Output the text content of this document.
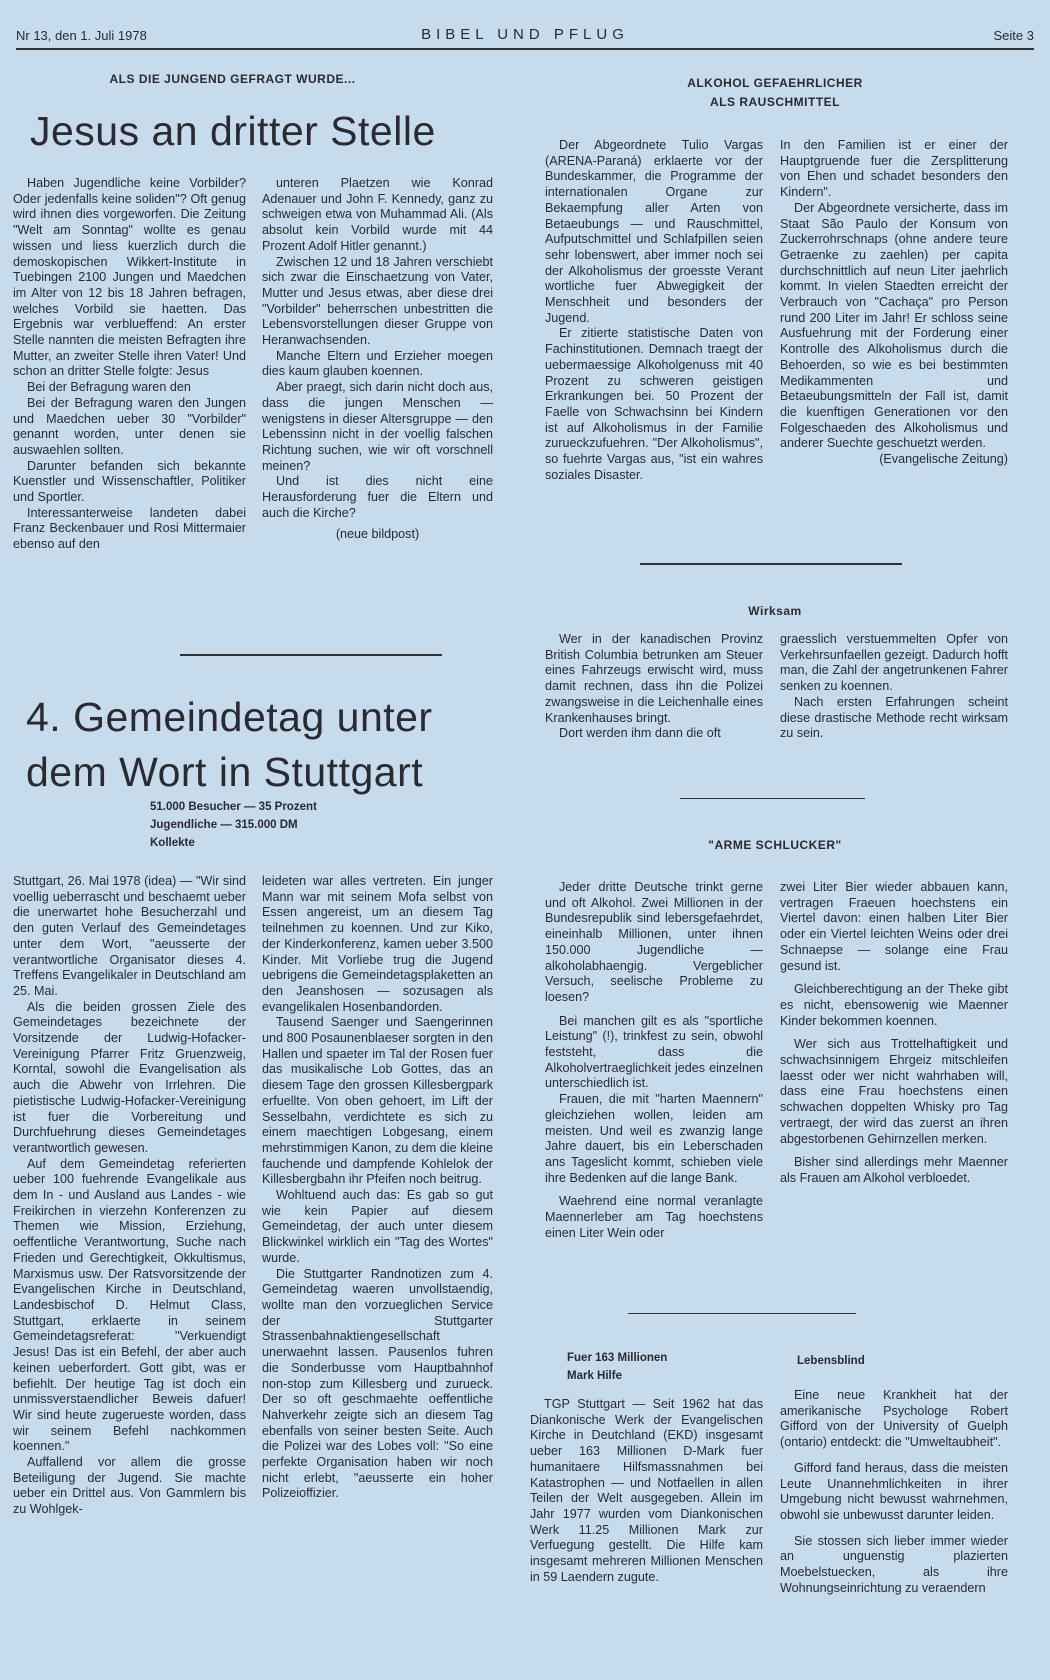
Nr 13, den 1. Juli 1978	BIBEL UND PFLUG	Seite 3
ALS DIE JUNGEND GEFRAGT WURDE...
Jesus an dritter Stelle

Haben Jugendliche keine Vorbilder? Oder jedenfalls keine soliden"? Oft genug wird ihnen dies vorgeworfen. Die Zeitung "Welt am Sonntag" wollte es genau wissen und liess kuerzlich durch die demoskopischen Wikkert-Institute in Tuebingen 2100 Jungen und Maedchen im Alter von 12 bis 18 Jahren befragen, welches Vorbild sie haetten. Das Ergebnis war verblueffend: An erster Stelle nannten die meisten Befragten ihre Mutter, an zweiter Stelle ihren Vater! Und schon an dritter Stelle folgte: Jesus

Bei der Befragung waren den

Bei der Befragung waren den Jungen und Maedchen ueber 30 "Vorbilder" genannt worden, unter denen sie auswaehlen sollten.

Darunter befanden sich bekannte Kuenstler und Wissenschaftler, Politiker und Sportler.

Interessanterweise landeten dabei Franz Beckenbauer und Rosi Mittermaier ebenso auf den

unteren Plaetzen wie Konrad Adenauer und John F. Kennedy, ganz zu schweigen etwa von Muhammad Ali. (Als absolut kein Vorbild wurde mit 44 Prozent Adolf Hitler genannt.)

Zwischen 12 und 18 Jahren verschiebt sich zwar die Einschaetzung von Vater, Mutter und Jesus etwas, aber diese drei "Vorbilder" beherrschen unbestritten die Lebensvorstellungen dieser Gruppe von Heranwachsenden.

Manche Eltern und Erzieher moegen dies kaum glauben koennen.

Aber praegt, sich darin nicht doch aus, dass die jungen Menschen — wenigstens in dieser Altersgruppe — den Lebenssinn nicht in der voellig falschen Richtung suchen, wie wir oft vorschnell meinen?

Und ist dies nicht eine Herausforderung fuer die Eltern und auch die Kirche?

(neue bildpost)

4. Gemeindetag unter
dem Wort in Stuttgart
51.000 Besucher — 35 Prozent
Jugendliche — 315.000 DM
Kollekte

Stuttgart, 26. Mai 1978 (idea) — "Wir sind voellig ueberrascht und beschaemt ueber die unerwartet hohe Besucherzahl und den guten Verlauf des Gemeindetages unter dem Wort, "aeusserte der verantwortliche Organisator dieses 4. Treffens Evangelikaler in Deutschland am 25. Mai.

Als die beiden grossen Ziele des Gemeindetages bezeichnete der Vorsitzende der Ludwig-Hofacker-Vereinigung Pfarrer Fritz Gruenzweig, Korntal, sowohl die Evangelisation als auch die Abwehr von Irrlehren. Die pietistische Ludwig-Hofacker-Vereinigung ist fuer die Vorbereitung und Durchfuehrung dieses Gemeindetages verantwortlich gewesen.

Auf dem Gemeindetag referierten ueber 100 fuehrende Evangelikale aus dem In - und Ausland aus Landes - wie Freikirchen in vierzehn Konferenzen zu Themen wie Mission, Erziehung, oeffentliche Verantwortung, Suche nach Frieden und Gerechtigkeit, Okkultismus, Marxismus usw. Der Ratsvorsitzende der Evangelischen Kirche in Deutschland, Landesbischof D. Helmut Class, Stuttgart, erklaerte in seinem Gemeindetagsreferat: "Verkuendigt Jesus! Das ist ein Befehl, der aber auch keinen ueberfordert. Gott gibt, was er befiehlt. Der heutige Tag ist doch ein unmissverstaendlicher Beweis dafuer! Wir sind heute zugerueste worden, dass wir seinem Befehl nachkommen koennen."

Auffallend vor allem die grosse Beteiligung der Jugend. Sie machte ueber ein Drittel aus. Von Gammlern bis zu Wohlgek-

leideten war alles vertreten. Ein junger Mann war mit seinem Mofa selbst von Essen angereist, um an diesem Tag teilnehmen zu koennen. Und zur Kiko, der Kinderkonferenz, kamen ueber 3.500 Kinder. Mit Vorliebe trug die Jugend uebrigens die Gemeindetagsplaketten an den Jeanshosen — sozusagen als evangelikalen Hosenbandorden.

Tausend Saenger und Saengerinnen und 800 Posaunenblaeser sorgten in den Hallen und spaeter im Tal der Rosen fuer das musikalische Lob Gottes, das an diesem Tage den grossen Killesbergpark erfuellte. Von oben gehoert, im Lift der Sesselbahn, verdichtete es sich zu einem maechtigen Lobgesang, einem mehrstimmigen Kanon, zu dem die kleine fauchende und dampfende Kohlelok der Killesbergbahn ihr Pfeifen noch beitrug.

Wohltuend auch das: Es gab so gut wie kein Papier auf diesem Gemeindetag, der auch unter diesem Blickwinkel wirklich ein "Tag des Wortes" wurde.

Die Stuttgarter Randnotizen zum 4. Gemeindetag waeren unvollstaendig, wollte man den vorzueglichen Service der Stuttgarter Strassenbahnaktiengesellschaft unerwaehnt lassen. Pausenlos fuhren die Sonderbusse vom Hauptbahnhof non-stop zum Killesberg und zurueck. Der so oft geschmaehte oeffentliche Nahverkehr zeigte sich an diesem Tag ebenfalls von seiner besten Seite. Auch die Polizei war des Lobes voll: "So eine perfekte Organisation haben wir noch nicht erlebt, "aeusserte ein hoher Polizeioffizier.

ALKOHOL GEFAEHRLICHER
ALS RAUSCHMITTEL

Der Abgeordnete Tulio Vargas (ARENA-Paraná) erklaerte vor der Bundeskammer, die Programme der internationalen Organe zur Bekaempfung aller Arten von Betaeubungs — und Rauschmittel, Aufputschmittel und Schlafpillen seien sehr lobenswert, aber immer noch sei der Alkoholismus der groesste Verant wortliche fuer Abwegigkeit der Menschheit und besonders der Jugend.

Er zitierte statistische Daten von Fachinstitutionen. Demnach traegt der uebermaessige Alkoholgenuss mit 40 Prozent zu schweren geistigen Erkrankungen bei. 50 Prozent der Faelle von Schwachsinn bei Kindern ist auf Alkoholismus in der Familie zurueckzufuehren. "Der Alkoholismus", so fuehrte Vargas aus, "ist ein wahres soziales Disaster.

In den Familien ist er einer der Hauptgruende fuer die Zersplitterung von Ehen und schadet besonders den Kindern".

Der Abgeordnete versicherte, dass im Staat São Paulo der Konsum von Zuckerrohrschnaps (ohne andere teure Getraenke zu zaehlen) per capita durchschnittlich auf neun Liter jaehrlich kommt. In vielen Staedten erreicht der Verbrauch von "Cachaça" pro Person rund 200 Liter im Jahr! Er schloss seine Ausfuehrung mit der Forderung einer Kontrolle des Alkoholismus durch die Behoerden, so wie es bei bestimmten Medikammenten und Betaeubungsmitteln der Fall ist, damit die kuenftigen Generationen vor den Folgeschaeden des Alkoholismus und anderer Suechte geschuetzt werden.

(Evangelische Zeitung)

Wirksam

Wer in der kanadischen Provinz British Columbia betrunken am Steuer eines Fahrzeugs erwischt wird, muss damit rechnen, dass ihn die Polizei zwangsweise in die Leichenhalle eines Krankenhauses bringt.

Dort werden ihm dann die oft

graesslich verstuemmelten Opfer von Verkehrsunfaellen gezeigt. Dadurch hofft man, die Zahl der angetrunkenen Fahrer senken zu koennen.

Nach ersten Erfahrungen scheint diese drastische Methode recht wirksam zu sein.

"ARME SCHLUCKER"

Jeder dritte Deutsche trinkt gerne und oft Alkohol. Zwei Millionen in der Bundesrepublik sind lebersgefaehrdet, eineinhalb Millionen, unter ihnen 150.000 Jugendliche — alkoholabhaengig. Vergeblicher Versuch, seelische Probleme zu loesen?

Bei manchen gilt es als "sportliche Leistung" (!), trinkfest zu sein, obwohl feststeht, dass die Alkoholvertraeglichkeit jedes einzelnen unterschiedlich ist.

Frauen, die mit "harten Maennern" gleichziehen wollen, leiden am meisten. Und weil es zwanzig lange Jahre dauert, bis ein Leberschaden ans Tageslicht kommt, schieben viele ihre Bedenken auf die lange Bank.

Waehrend eine normal veranlagte Maennerleber am Tag hoechstens einen Liter Wein oder

zwei Liter Bier wieder abbauen kann, vertragen Fraeuen hoechstens ein Viertel davon: einen halben Liter Bier oder ein Viertel leichten Weins oder drei Schnaepse — solange eine Frau gesund ist.

Gleichberechtigung an der Theke gibt es nicht, ebensowenig wie Maenner Kinder bekommen koennen.

Wer sich aus Trottelhaftigkeit und schwachsinnigem Ehrgeiz mitschleifen laesst oder wer nicht wahrhaben will, dass eine Frau hoechstens einen schwachen doppelten Whisky pro Tag vertraegt, der wird das zuerst an ihren abgestorbenen Gehirnzellen merken.

Bisher sind allerdings mehr Maenner als Frauen am Alkohol verbloedet.

Fuer 163 Millionen
Mark Hilfe

TGP Stuttgart — Seit 1962 hat das Diankonische Werk der Evangelischen Kirche in Deutchland (EKD) insgesamt ueber 163 Millionen D-Mark fuer humanitaere Hilfsmassnahmen bei Katastrophen — und Notfaellen in allen Teilen der Welt ausgegeben. Allein im Jahr 1977 wurden vom Diankonischen Werk 11.25 Millionen Mark zur Verfuegung gestellt. Die Hilfe kam insgesamt mehreren Millionen Menschen in 59 Laendern zugute.

Lebensblind

Eine neue Krankheit hat der amerikanische Psychologe Robert Gifford von der University of Guelph (ontario) entdeckt: die "Umweltaubheit".

Gifford fand heraus, dass die meisten Leute Unannehmlichkeiten in ihrer Umgebung nicht bewusst wahrnehmen, obwohl sie unbewusst darunter leiden.

Sie stossen sich lieber immer wieder an unguenstig plazierten Moebelstuecken, als ihre Wohnungseinrichtung zu veraendern
